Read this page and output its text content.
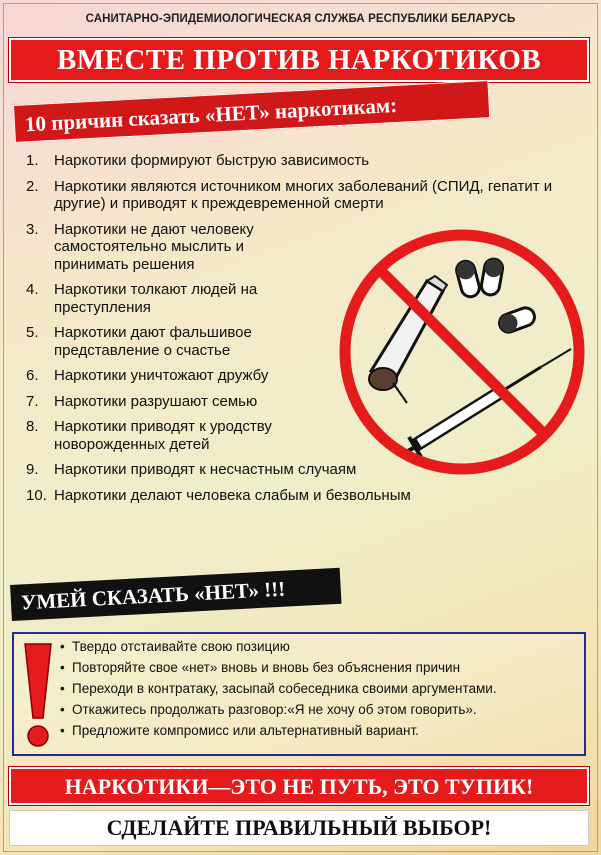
САНИТАРНО-ЭПИДЕМИОЛОГИЧЕСКАЯ СЛУЖБА РЕСПУБЛИКИ БЕЛАРУСЬ
ВМЕСТЕ ПРОТИВ НАРКОТИКОВ
10 причин сказать «НЕТ» наркотикам:
1. Наркотики формируют быструю зависимость
2. Наркотики являются источником многих заболеваний (СПИД, гепатит и другие) и приводят к преждевременной смерти
3. Наркотики не дают человеку самостоятельно мыслить и принимать решения
4. Наркотики толкают людей на преступления
5. Наркотики дают фальшивое представление о счастье
6. Наркотики уничтожают дружбу
7. Наркотики разрушают семью
8. Наркотики приводят к уродству новорожденных детей
9. Наркотики приводят к несчастным случаям
10. Наркотики делают человека слабым и безвольным
УМЕЙ СКАЗАТЬ «НЕТ» !!!
• Твердо отстаивайте свою позицию
• Повторяйте свое «нет» вновь и вновь без объяснения причин
• Переходи в контратаку, засыпай собеседника своими аргументами.
• Откажитесь продолжать разговор:«Я не хочу об этом говорить».
• Предложите компромисс или альтернативный вариант.
НАРКОТИКИ—ЭТО НЕ ПУТЬ, ЭТО ТУПИК!
СДЕЛАЙТЕ ПРАВИЛЬНЫЙ ВЫБОР!
